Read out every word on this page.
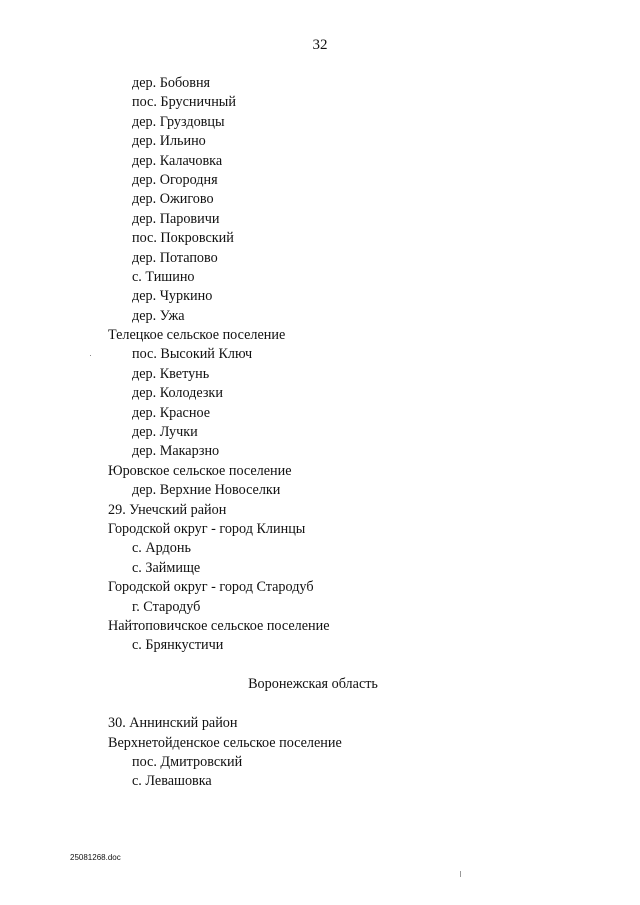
32
дер. Бобовня
пос. Брусничный
дер. Груздовцы
дер. Ильино
дер. Калачовка
дер. Огородня
дер. Ожигово
дер. Паровичи
пос. Покровский
дер. Потапово
с. Тишино
дер. Чуркино
дер. Ужа
Телецкое сельское поселение
пос. Высокий Ключ
дер. Кветунь
дер. Колодезки
дер. Красное
дер. Лучки
дер. Макарзно
Юровское сельское поселение
дер. Верхние Новоселки
29. Унечский район
Городской округ - город Клинцы
с. Ардонь
с. Займище
Городской округ - город Стародуб
г. Стародуб
Найтоповичское сельское поселение
с. Брянкустичи
Воронежская область
30. Аннинский район
Верхнетойденское сельское поселение
пос. Дмитровский
с. Левашовка
25081268.doc
